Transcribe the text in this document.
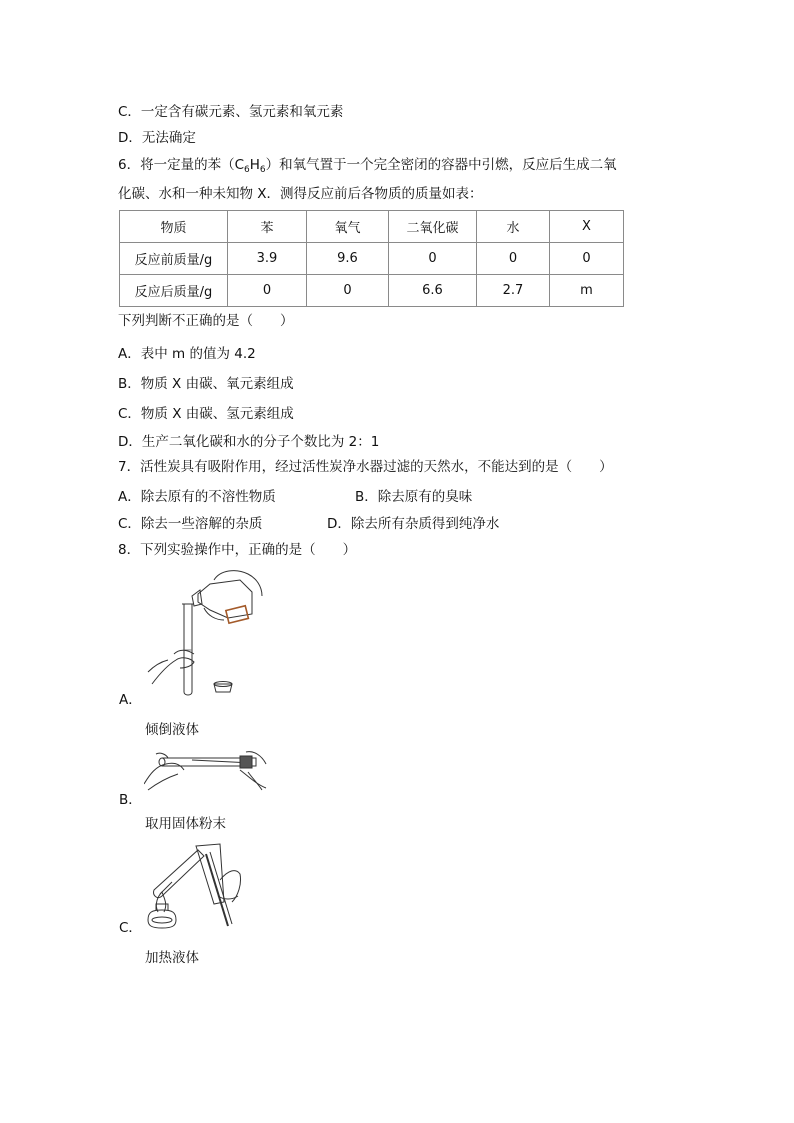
C．一定含有碳元素、氢元素和氧元素
D．无法确定
6．将一定量的苯$(C_6H_6)$和氧气置于一个完全密闭的容器中引燃，反应后生成二氧
化碳、水和一种未知物 X．测得反应前后各物质的质量如表：
物质	苯	氧气	二氧化碳	水	X
反应前质量/g	3.9	9.6	0	0	0
反应后质量/g	0	0	6.6	2.7	m
下列判断不正确的是（　　）
A．表中 m 的值为 4.2
B．物质 X 由碳、氧元素组成
C．物质 X 由碳、氢元素组成
D．生产二氧化碳和水的分子个数比为 2：1
7．活性炭具有吸附作用，经过活性炭净水器过滤的天然水，不能达到的是（　　）
A．除去原有的不溶性物质	B．除去原有的臭味
C．除去一些溶解的杂质	D．除去所有杂质得到纯净水
8．下列实验操作中，正确的是（　　）
A．
倾倒液体
B．
取用固体粉末
C．
加热液体
